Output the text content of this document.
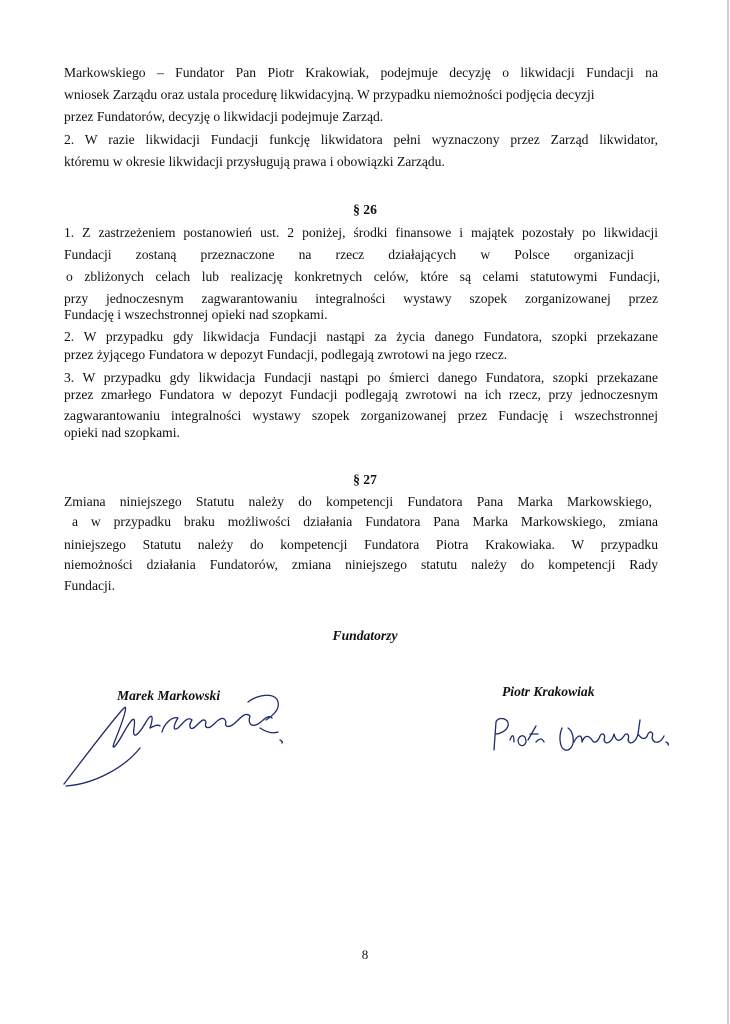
Markowskiego – Fundator Pan Piotr Krakowiak, podejmuje decyzję o likwidacji Fundacji na
wniosek Zarządu oraz ustala procedurę likwidacyjną. W przypadku niemożności podjęcia decyzji
przez Fundatorów, decyzję o likwidacji podejmuje Zarząd.
2. W razie likwidacji Fundacji funkcję likwidatora pełni wyznaczony przez Zarząd likwidator,
któremu w okresie likwidacji przysługują prawa i obowiązki Zarządu.
§ 26
1. Z zastrzeżeniem postanowień ust. 2 poniżej, środki finansowe i majątek pozostały po likwidacji
Fundacji zostaną przeznaczone na rzecz działających w Polsce organizacji
o zbliżonych celach lub realizację konkretnych celów, które są celami statutowymi Fundacji,
przy jednoczesnym zagwarantowaniu integralności wystawy szopek zorganizowanej przez
Fundację i wszechstronnej opieki nad szopkami.
2. W przypadku gdy likwidacja Fundacji nastąpi za życia danego Fundatora, szopki przekazane
przez żyjącego Fundatora w depozyt Fundacji, podlegają zwrotowi na jego rzecz.
3. W przypadku gdy likwidacja Fundacji nastąpi po śmierci danego Fundatora, szopki przekazane
przez zmarłego Fundatora w depozyt Fundacji podlegają zwrotowi na ich rzecz, przy jednoczesnym
zagwarantowaniu integralności wystawy szopek zorganizowanej przez Fundację i wszechstronnej
opieki nad szopkami.
§ 27
Zmiana niniejszego Statutu należy do kompetencji Fundatora Pana Marka Markowskiego,
a w przypadku braku możliwości działania Fundatora Pana Marka Markowskiego, zmiana
niniejszego Statutu należy do kompetencji Fundatora Piotra Krakowiaka. W przypadku
niemożności działania Fundatorów, zmiana niniejszego statutu należy do kompetencji Rady
Fundacji.
Fundatorzy
Marek Markowski	Piotr Krakowiak
8
